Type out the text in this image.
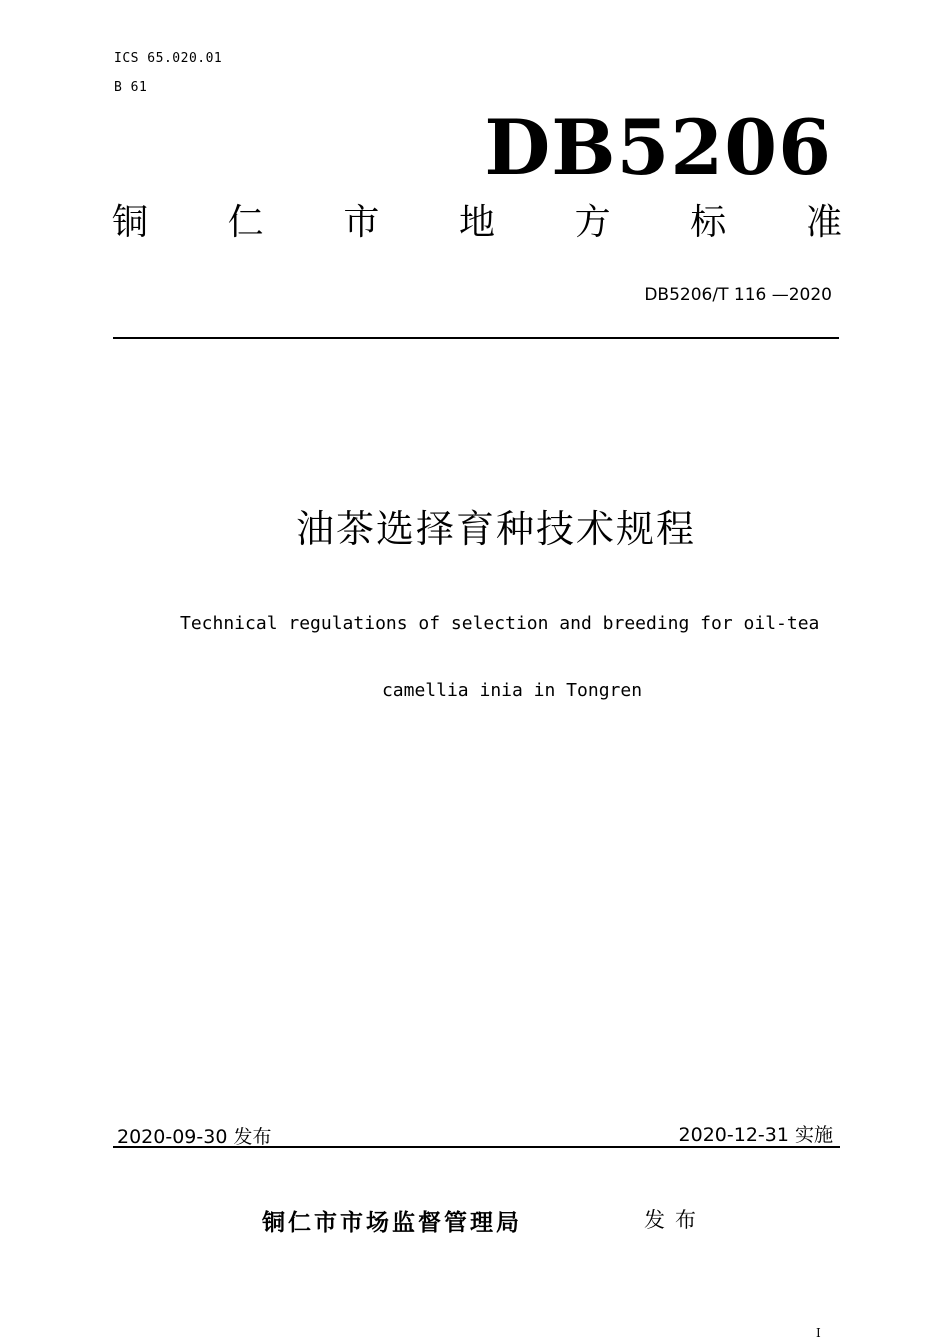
ICS 65.020.01
B 61
DB5206
铜 仁 市 地 方 标 准
DB5206/T 116 —2020
油茶选择育种技术规程
Technical regulations of selection and breeding for oil-tea
camellia inia in Tongren
2020-09-30 发布	2020-12-31 实施
铜仁市市场监督管理局	发布
I
